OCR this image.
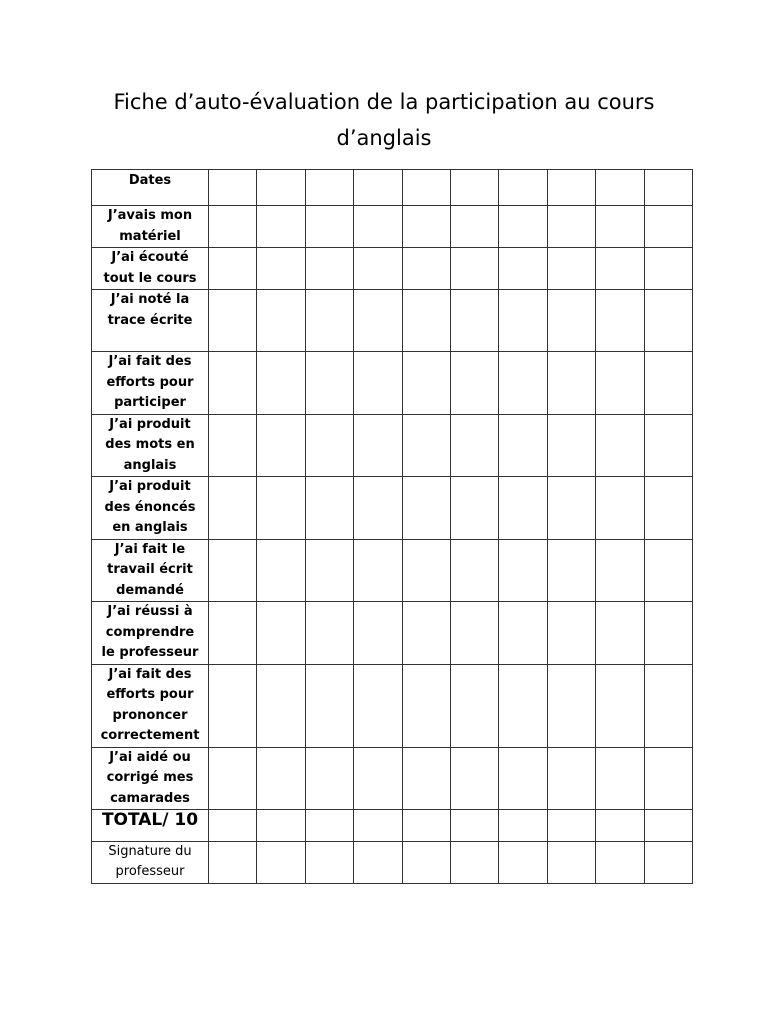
Fiche d’auto-évaluation de la participation au cours
d’anglais
Dates										

J’avais mon
matériel										

J’ai écouté
tout le cours										

J’ai noté la
trace écrite										

J’ai fait des
efforts pour
participer										

J’ai produit
des mots en
anglais										

J’ai produit
des énoncés
en anglais										

J’ai fait le
travail écrit
demandé										

J’ai réussi à
comprendre
le professeur										

J’ai fait des
efforts pour
prononcer
correctement										

J’ai aidé ou
corrigé mes
camarades										

TOTAL/ 10										

Signature du
professeur										
